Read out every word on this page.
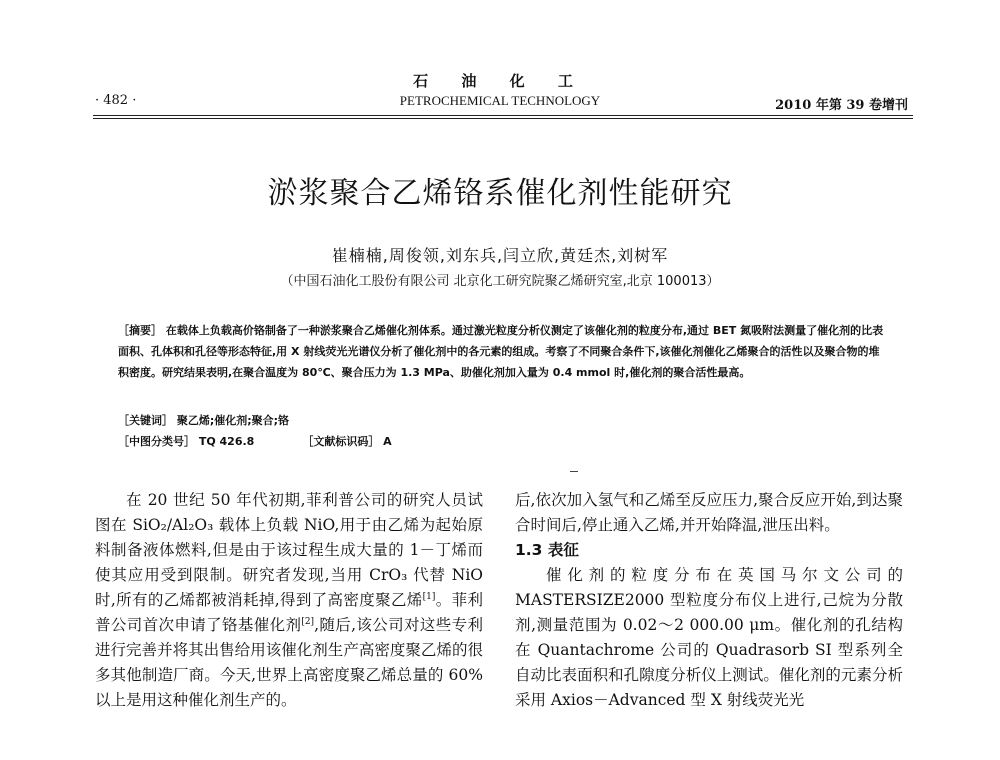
石 油 化 工
· 482 ·	PETROCHEMICAL TECHNOLOGY	2010 年第 39 卷增刊
淤浆聚合乙烯铬系催化剂性能研究
崔楠楠,周俊领,刘东兵,闫立欣,黄廷杰,刘树军
（中国石油化工股份有限公司 北京化工研究院聚乙烯研究室,北京 100013）

［摘要］ 在载体上负载高价铬制备了一种淤浆聚合乙烯催化剂体系。通过激光粒度分析仪测定了该催化剂的粒度分布,通过 BET 氮吸附法测量了催化剂的比表面积、孔体积和孔径等形态特征,用 X 射线荧光光谱仪分析了催化剂中的各元素的组成。考察了不同聚合条件下,该催化剂催化乙烯聚合的活性以及聚合物的堆积密度。研究结果表明,在聚合温度为 80℃、聚合压力为 1.3 MPa、助催化剂加入量为 0.4 mmol 时,催化剂的聚合活性最高。

［关键词］ 聚乙烯;催化剂;聚合;铬
［中图分类号］ TQ 426.8	［文献标识码］ A

在 20 世纪 50 年代初期,菲利普公司的研究人员试图在 SiO₂/Al₂O₃ 载体上负载 NiO,用于由乙烯为起始原料制备液体燃料,但是由于该过程生成大量的 1－丁烯而使其应用受到限制。研究者发现,当用 CrO₃ 代替 NiO 时,所有的乙烯都被消耗掉,得到了高密度聚乙烯[1]。菲利普公司首次申请了铬基催化剂[2],随后,该公司对这些专利进行完善并将其出售给用该催化剂生产高密度聚乙烯的很多其他制造厂商。今天,世界上高密度聚乙烯总量的 60% 以上是用这种催化剂生产的。

后,依次加入氢气和乙烯至反应压力,聚合反应开始,到达聚合时间后,停止通入乙烯,并开始降温,泄压出料。

1.3 表征

催化剂的粒度分布在英国马尔文公司的 MASTERSIZE2000 型粒度分布仪上进行,己烷为分散剂,测量范围为 0.02～2 000.00 μm。催化剂的孔结构在 Quantachrome 公司的 Quadrasorb SI 型系列全自动比表面积和孔隙度分析仪上测试。催化剂的元素分析采用 Axios－Advanced 型 X 射线荧光光
